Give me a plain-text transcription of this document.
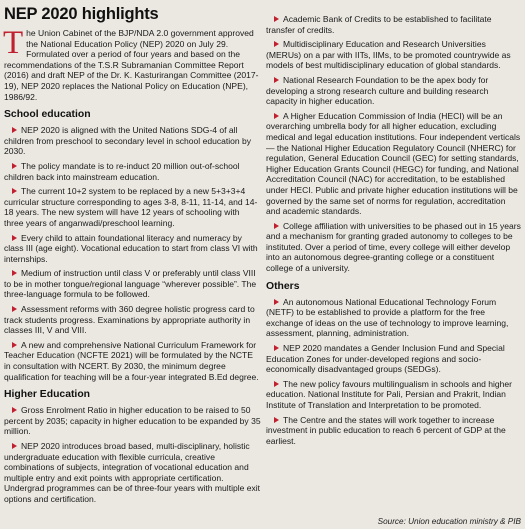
NEP 2020 highlights

The Union Cabinet of the BJP/NDA 2.0 government approved the National Education Policy (NEP) 2020 on July 29. Formulated over a period of four years and based on the recommendations of the T.S.R Subramanian Committee Report (2016) and draft NEP of the Dr. K. Kasturirangan Committee (2017-19), NEP 2020 replaces the National Policy on Education (NPE), 1986/92.

School education
NEP 2020 is aligned with the United Nations SDG-4 of all children from preschool to secondary level in school education by 2030.
The policy mandate is to re-induct 20 million out-of-school children back into mainstream education.
The current 10+2 system to be replaced by a new 5+3+3+4 curricular structure corresponding to ages 3-8, 8-11, 11-14, and 14-18 years. The new system will have 12 years of schooling with three years of anganwadi/preschool learning.
Every child to attain foundational literacy and numeracy by class III (age eight). Vocational education to start from class VI with internships.
Medium of instruction until class V or preferably until class VIII to be in mother tongue/regional language “wherever possible”. The three-language formula to be followed.
Assessment reforms with 360 degree holistic progress card to track students progress. Examinations by appropriate authority in classes III, V and VIII.
A new and comprehensive National Curriculum Framework for Teacher Education (NCFTE 2021) will be formulated by the NCTE in consultation with NCERT. By 2030, the minimum degree qualification for teaching will be a four-year integrated B.Ed degree.
Higher Education
Gross Enrolment Ratio in higher education to be raised to 50 percent by 2035; capacity in higher education to be expanded by 35 million.
NEP 2020 introduces broad based, multi-disciplinary, holistic undergraduate education with flexible curricula, creative combinations of subjects, integration of vocational education and multiple entry and exit points with appropriate certification. Undergrad programmes can be of three-four years with multiple exit options and certification.
Academic Bank of Credits to be established to facilitate transfer of credits.
Multidisciplinary Education and Research Universities (MERUs) on a par with IITs, IIMs, to be promoted countrywide as models of best multidisciplinary education of global standards.
National Research Foundation to be the apex body for developing a strong research culture and building research capacity in higher education.
A Higher Education Commission of India (HECI) will be an overarching umbrella body for all higher education, excluding medical and legal education institutions. Four independent verticals — the National Higher Education Regulatory Council (NHERC) for regulation, General Education Council (GEC) for setting standards, Higher Education Grants Council (HEGC) for funding, and National Accreditation Council (NAC) for accreditation, to be established under HECI. Public and private higher education institutions will be governed by the same set of norms for regulation, accreditation and academic standards.
College affiliation with universities to be phased out in 15 years and a mechanism for granting graded autonomy to colleges to be instituted. Over a period of time, every college will either develop into an autonomous degree-granting college or a constituent college of a university.
Others
An autonomous National Educational Technology Forum (NETF) to be established to provide a platform for the free exchange of ideas on the use of technology to improve learning, assessment, planning, administration.
NEP 2020 mandates a Gender Inclusion Fund and Special Education Zones for under-developed regions and socio-economically disadvantaged groups (SEDGs).
The new policy favours multilingualism in schools and higher education. National Institute for Pali, Persian and Prakrit, Indian Institute of Translation and Interpretation to be promoted.
The Centre and the states will work together to increase investment in public education to reach 6 percent of GDP at the earliest.
Source: Union education ministry & PIB
